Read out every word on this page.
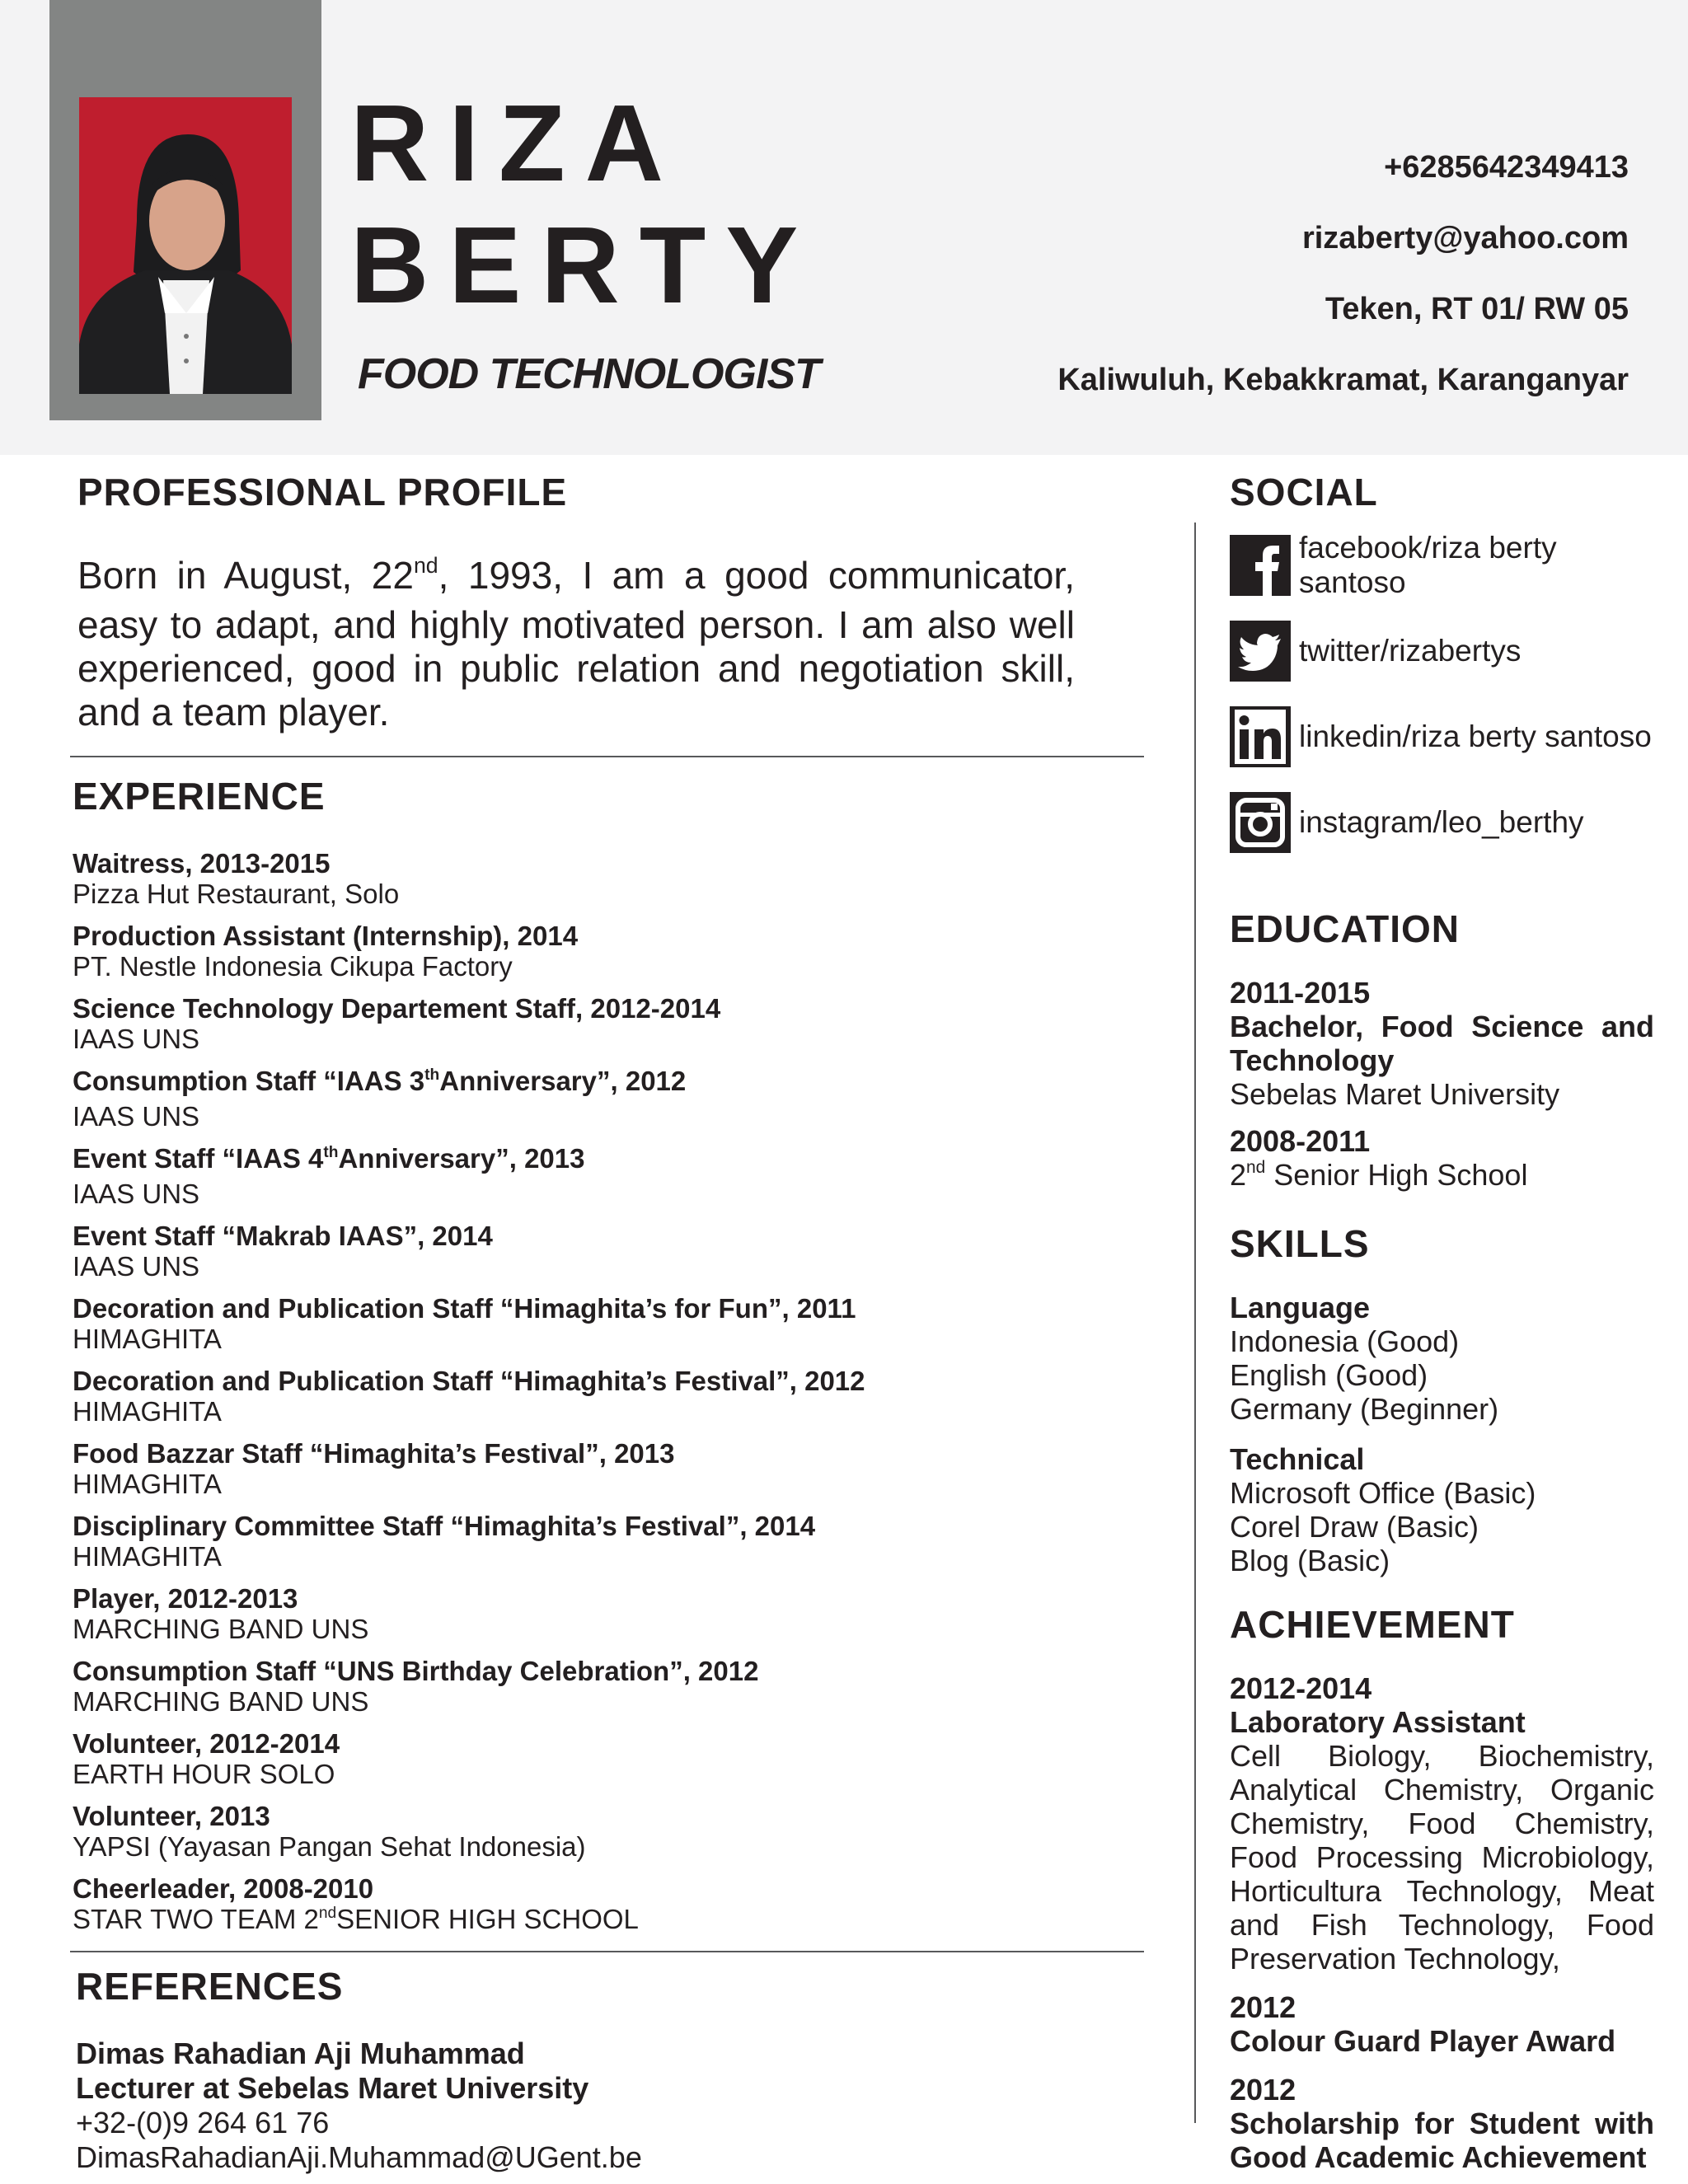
RIZA
BERTY
FOOD TECHNOLOGIST
+6285642349413
rizaberty@yahoo.com
Teken, RT 01/ RW 05
Kaliwuluh, Kebakkramat, Karanganyar
PROFESSIONAL PROFILE
Born in August, 22nd, 1993, I am a good communicator, easy to adapt, and highly motivated person. I am also well experienced, good in public relation and negotiation skill, and a team player.
EXPERIENCE
Waitress, 2013-2015
Pizza Hut Restaurant, Solo
Production Assistant (Internship), 2014
PT. Nestle Indonesia Cikupa Factory
Science Technology Departement Staff, 2012-2014
IAAS UNS
Consumption Staff “IAAS 3thAnniversary”, 2012
IAAS UNS
Event Staff “IAAS 4thAnniversary”, 2013
IAAS UNS
Event Staff “Makrab IAAS”, 2014
IAAS UNS
Decoration and Publication Staff “Himaghita’s for Fun”, 2011
HIMAGHITA
Decoration and Publication Staff “Himaghita’s Festival”, 2012
HIMAGHITA
Food Bazzar Staff “Himaghita’s Festival”, 2013
HIMAGHITA
Disciplinary Committee Staff “Himaghita’s Festival”, 2014
HIMAGHITA
Player, 2012-2013
MARCHING BAND UNS
Consumption Staff “UNS Birthday Celebration”, 2012
MARCHING BAND UNS
Volunteer, 2012-2014
EARTH HOUR SOLO
Volunteer, 2013
YAPSI (Yayasan Pangan Sehat Indonesia)
Cheerleader, 2008-2010
STAR TWO TEAM 2ndSENIOR HIGH SCHOOL
REFERENCES
Dimas Rahadian Aji Muhammad
Lecturer at Sebelas Maret University
+32-(0)9 264 61 76
DimasRahadianAji.Muhammad@UGent.be
SOCIAL
facebook/riza berty santoso
twitter/rizabertys
linkedin/riza berty santoso
instagram/leo_berthy
EDUCATION
2011-2015
Bachelor, Food Science and Technology
Sebelas Maret University
2008-2011
2nd Senior High School
SKILLS
Language
Indonesia (Good)
English (Good)
Germany (Beginner)
Technical
Microsoft Office (Basic)
Corel Draw (Basic)
Blog (Basic)
ACHIEVEMENT
2012-2014
Laboratory Assistant
Cell Biology, Biochemistry, Analytical Chemistry, Organic Chemistry, Food Chemistry, Food Processing Microbiology, Horticultura Technology, Meat and Fish Technology, Food Preservation Technology,
2012
Colour Guard Player Award
2012
Scholarship for Student with Good Academic Achievement
